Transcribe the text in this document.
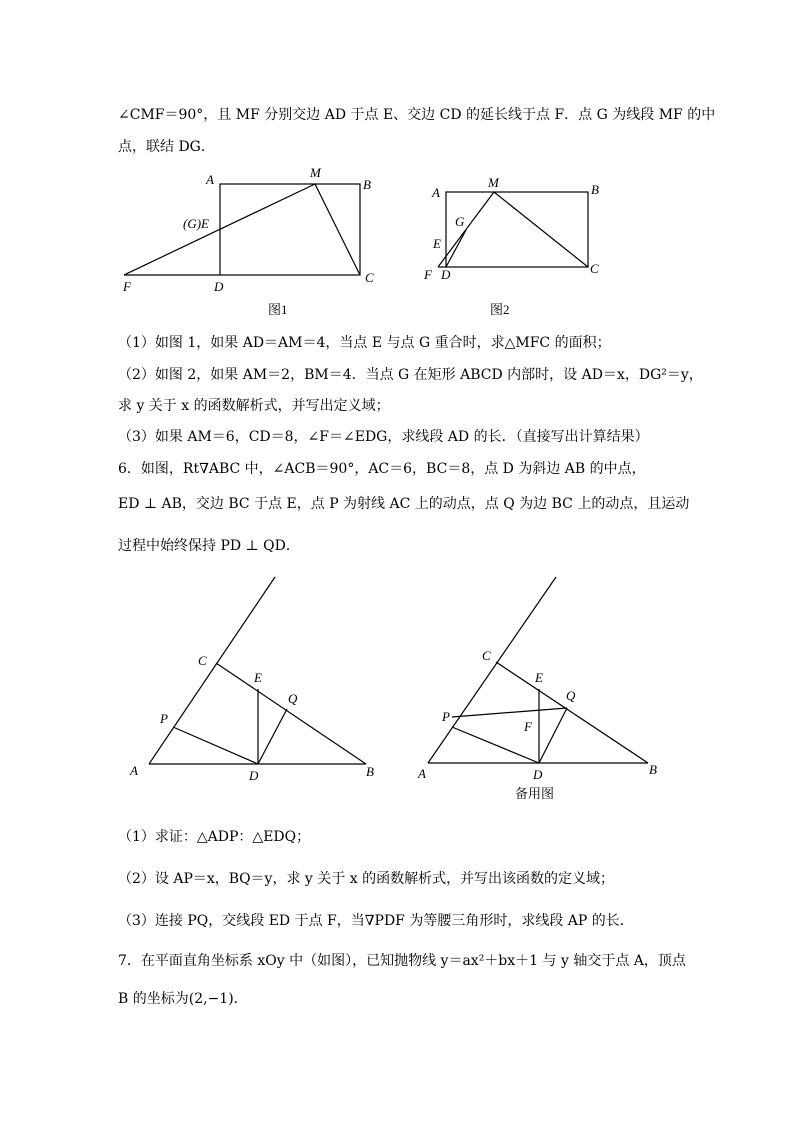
∠CMF＝90°，且 MF 分别交边 AD 于点 E、交边 CD 的延长线于点 F．点 G 为线段 MF 的中
点，联结 DG．
A	M
B
(G)E
F	D
C
图1
A
M	B
G
E
F D	C
图2
（1）如图 1，如果 AD＝AM＝4，当点 E 与点 G 重合时，求△MFC 的面积；
（2）如图 2，如果 AM＝2，BM＝4．当点 G 在矩形 ABCD 内部时，设 AD＝x，DG²＝y，
求 y 关于 x 的函数解析式，并写出定义域；
（3）如果 AM＝6，CD＝8，∠F＝∠EDG，求线段 AD 的长．（直接写出计算结果）
6．如图，Rt∇ABC 中，∠ACB＝90°，AC＝6，BC＝8，点 D 为斜边 AB 的中点，
ED ⊥ AB，交边 BC 于点 E，点 P 为射线 AC 上的动点，点 Q 为边 BC 上的动点，且运动
过程中始终保持 PD ⊥ QD．
C
E
Q
P
A	D	B
C
E
Q
P
F
A	D	B
备用图
（1）求证：△ADP：△EDQ；
（2）设 AP＝x，BQ＝y，求 y 关于 x 的函数解析式，并写出该函数的定义域；
（3）连接 PQ，交线段 ED 于点 F，当∇PDF 为等腰三角形时，求线段 AP 的长．
7．在平面直角坐标系 xOy 中（如图），已知抛物线 y＝ax²＋bx＋1 与 y 轴交于点 A，顶点
B 的坐标为(2,−1)．
